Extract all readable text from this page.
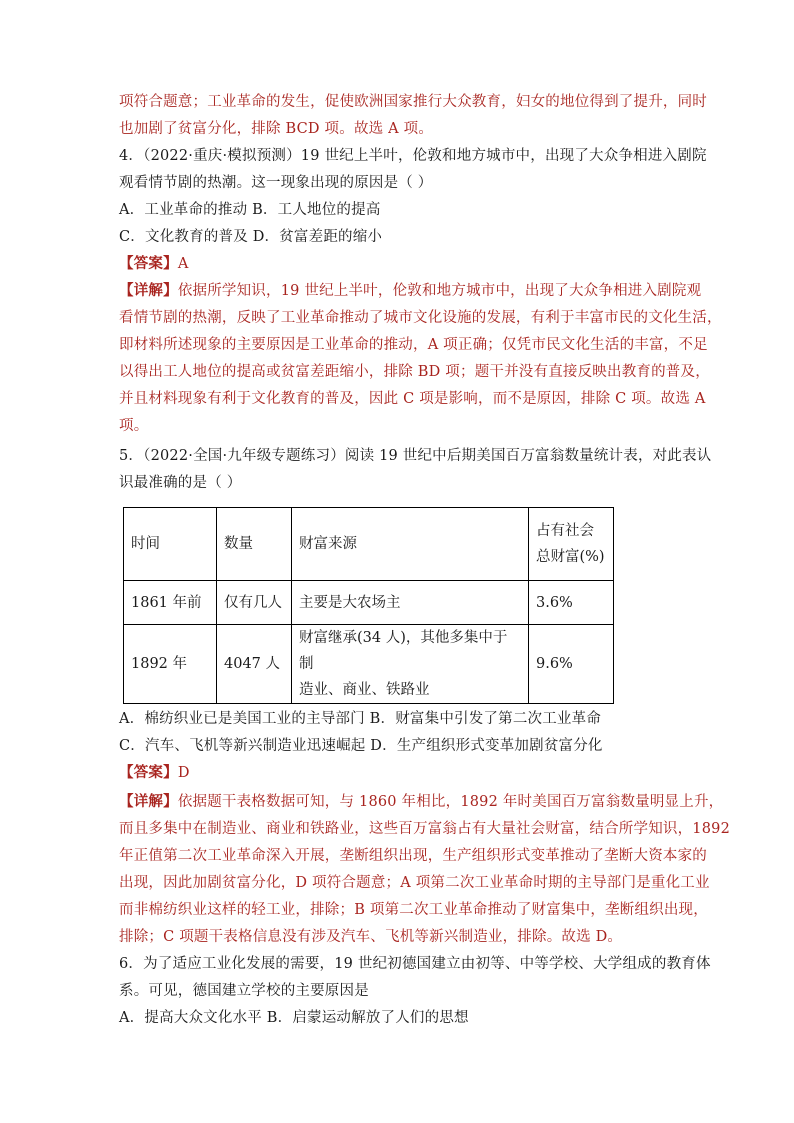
项符合题意；工业革命的发生，促使欧洲国家推行大众教育，妇女的地位得到了提升，同时
也加剧了贫富分化，排除 BCD 项。故选 A 项。
4．（2022·重庆·模拟预测）19 世纪上半叶，伦敦和地方城市中，出现了大众争相进入剧院
观看情节剧的热潮。这一现象出现的原因是（ ）
A．工业革命的推动 B．工人地位的提高
C．文化教育的普及 D．贫富差距的缩小
【答案】A
【详解】依据所学知识，19 世纪上半叶，伦敦和地方城市中，出现了大众争相进入剧院观
看情节剧的热潮，反映了工业革命推动了城市文化设施的发展，有利于丰富市民的文化生活，
即材料所述现象的主要原因是工业革命的推动，A 项正确；仅凭市民文化生活的丰富，不足
以得出工人地位的提高或贫富差距缩小，排除 BD 项；题干并没有直接反映出教育的普及，
并且材料现象有利于文化教育的普及，因此 C 项是影响，而不是原因，排除 C 项。故选 A
项。
5．（2022·全国·九年级专题练习）阅读 19 世纪中后期美国百万富翁数量统计表，对此表认
识最准确的是（ ）
时间	数量	财富来源	占有社会
总财富(%)

1861 年前	仅有几人	主要是大农场主	3.6%
1892 年	4047 人	财富继承(34 人)，其他多集中于制
造业、商业、铁路业	9.6%
A．棉纺织业已是美国工业的主导部门 B．财富集中引发了第二次工业革命
C．汽车、飞机等新兴制造业迅速崛起 D．生产组织形式变革加剧贫富分化
【答案】D
【详解】依据题干表格数据可知，与 1860 年相比，1892 年时美国百万富翁数量明显上升，
而且多集中在制造业、商业和铁路业，这些百万富翁占有大量社会财富，结合所学知识，1892
年正值第二次工业革命深入开展，垄断组织出现，生产组织形式变革推动了垄断大资本家的
出现，因此加剧贫富分化，D 项符合题意；A 项第二次工业革命时期的主导部门是重化工业
而非棉纺织业这样的轻工业，排除；B 项第二次工业革命推动了财富集中，垄断组织出现，
排除；C 项题干表格信息没有涉及汽车、飞机等新兴制造业，排除。故选 D。
6．为了适应工业化发展的需要，19 世纪初德国建立由初等、中等学校、大学组成的教育体
系。可见，德国建立学校的主要原因是
A．提高大众文化水平 B．启蒙运动解放了人们的思想
